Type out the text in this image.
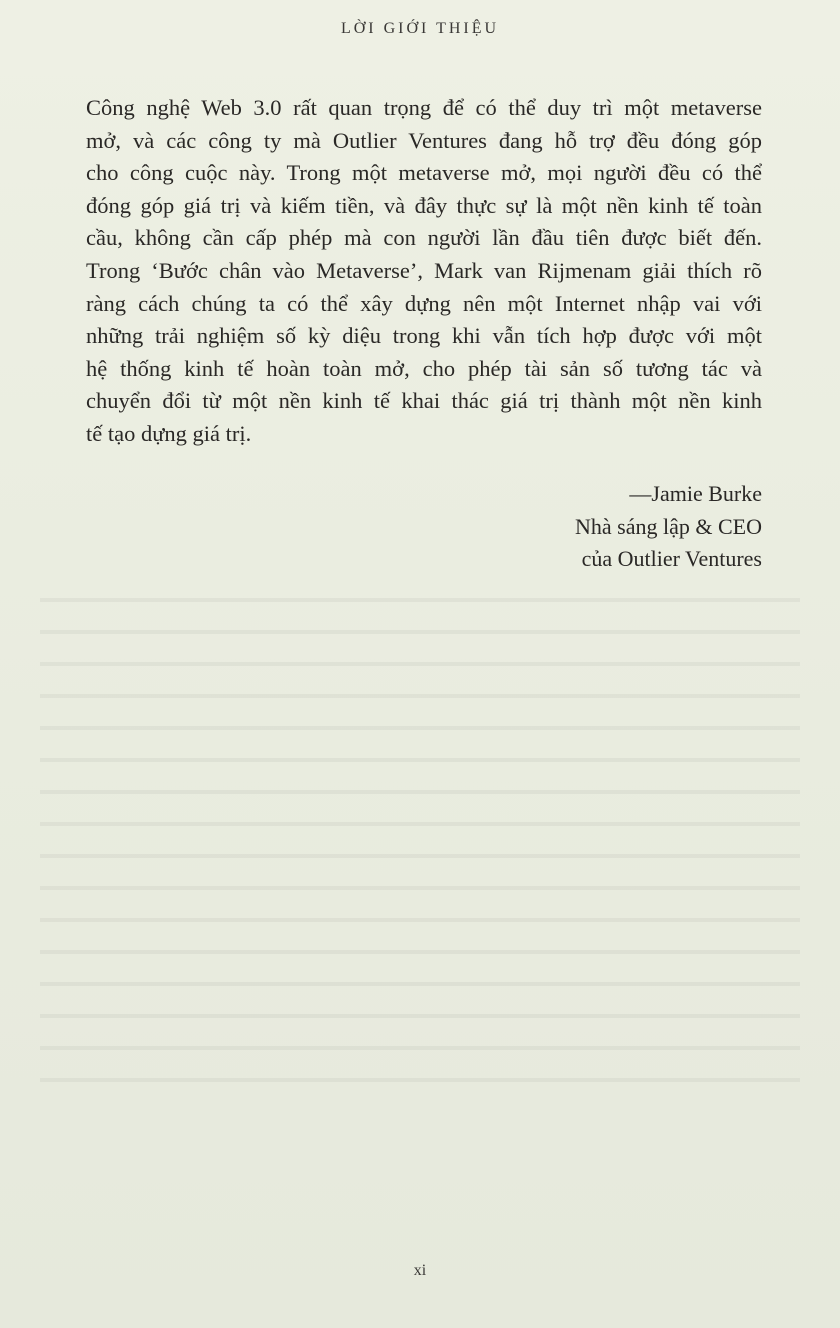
LỜI GIỚI THIỆU
Công nghệ Web 3.0 rất quan trọng để có thể duy trì một metaverse
mở, và các công ty mà Outlier Ventures đang hỗ trợ đều đóng góp
cho công cuộc này. Trong một metaverse mở, mọi người đều có thể
đóng góp giá trị và kiếm tiền, và đây thực sự là một nền kinh tế toàn
cầu, không cần cấp phép mà con người lần đầu tiên được biết đến.
Trong ‘Bước chân vào Metaverse’, Mark van Rijmenam giải thích rõ
ràng cách chúng ta có thể xây dựng nên một Internet nhập vai với
những trải nghiệm số kỳ diệu trong khi vẫn tích hợp được với một
hệ thống kinh tế hoàn toàn mở, cho phép tài sản số tương tác và
chuyển đổi từ một nền kinh tế khai thác giá trị thành một nền kinh
tế tạo dựng giá trị.
—Jamie Burke
Nhà sáng lập & CEO
của Outlier Ventures
xi
